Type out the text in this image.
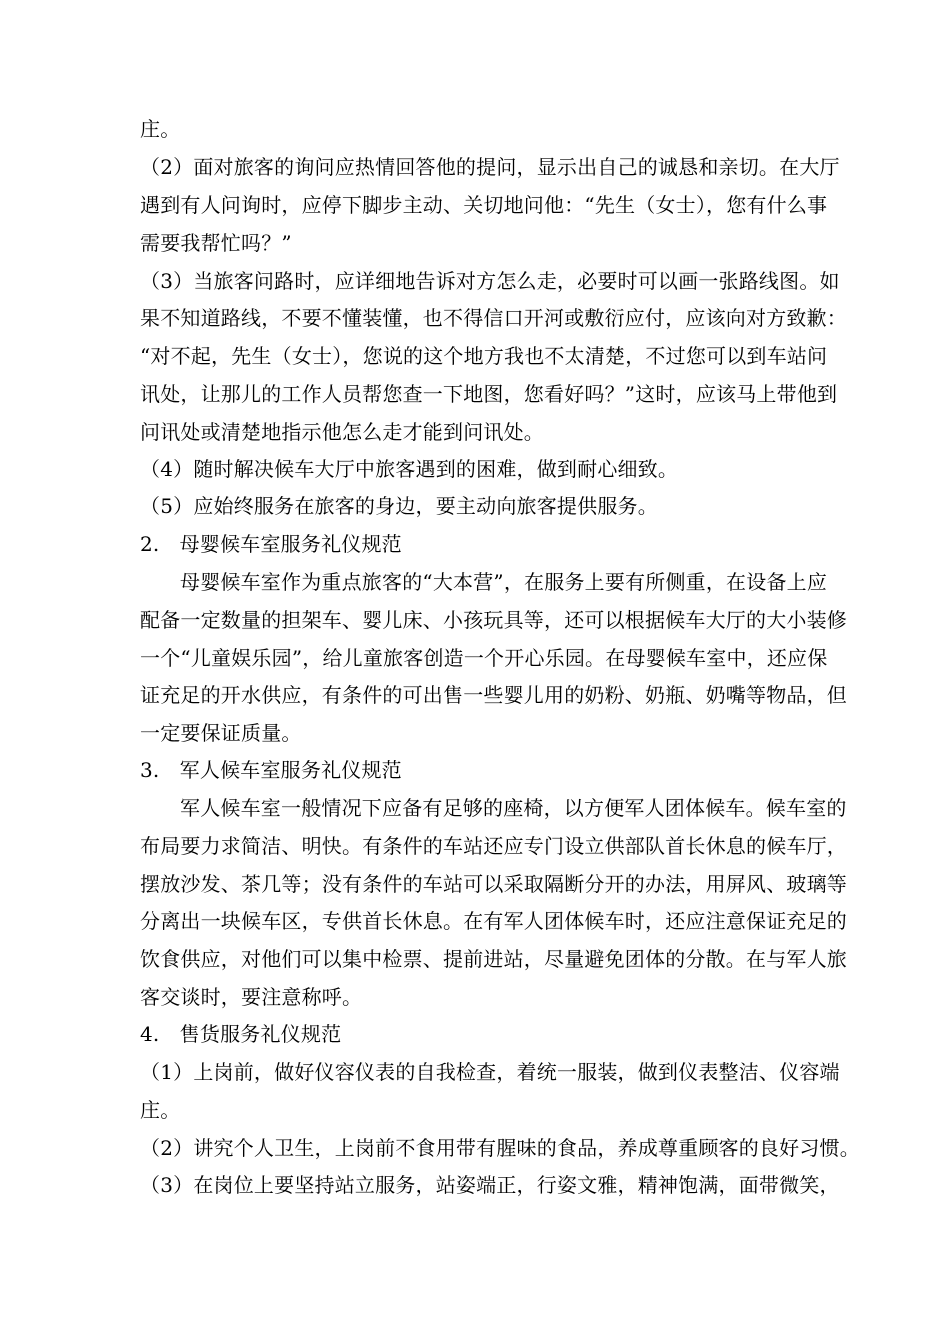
庄。
（2）面对旅客的询问应热情回答他的提问，显示出自己的诚恳和亲切。在大厅
遇到有人问询时，应停下脚步主动、关切地问他：“先生（女士），您有什么事
需要我帮忙吗？”
（3）当旅客问路时，应详细地告诉对方怎么走，必要时可以画一张路线图。如
果不知道路线，不要不懂装懂，也不得信口开河或敷衍应付，应该向对方致歉：
“对不起，先生（女士），您说的这个地方我也不太清楚，不过您可以到车站问
讯处，让那儿的工作人员帮您查一下地图，您看好吗？”这时，应该马上带他到
问讯处或清楚地指示他怎么走才能到问讯处。
（4）随时解决候车大厅中旅客遇到的困难，做到耐心细致。
（5）应始终服务在旅客的身边，要主动向旅客提供服务。
2.　母婴候车室服务礼仪规范
母婴候车室作为重点旅客的“大本营”，在服务上要有所侧重，在设备上应
配备一定数量的担架车、婴儿床、小孩玩具等，还可以根据候车大厅的大小装修
一个“儿童娱乐园”，给儿童旅客创造一个开心乐园。在母婴候车室中，还应保
证充足的开水供应，有条件的可出售一些婴儿用的奶粉、奶瓶、奶嘴等物品，但
一定要保证质量。
3.　军人候车室服务礼仪规范
军人候车室一般情况下应备有足够的座椅，以方便军人团体候车。候车室的
布局要力求简洁、明快。有条件的车站还应专门设立供部队首长休息的候车厅，
摆放沙发、茶几等；没有条件的车站可以采取隔断分开的办法，用屏风、玻璃等
分离出一块候车区，专供首长休息。在有军人团体候车时，还应注意保证充足的
饮食供应，对他们可以集中检票、提前进站，尽量避免团体的分散。在与军人旅
客交谈时，要注意称呼。
4.　售货服务礼仪规范
（1）上岗前，做好仪容仪表的自我检查，着统一服装，做到仪表整洁、仪容端
庄。
（2）讲究个人卫生，上岗前不食用带有腥味的食品，养成尊重顾客的良好习惯。
（3）在岗位上要坚持站立服务，站姿端正，行姿文雅，精神饱满，面带微笑，
